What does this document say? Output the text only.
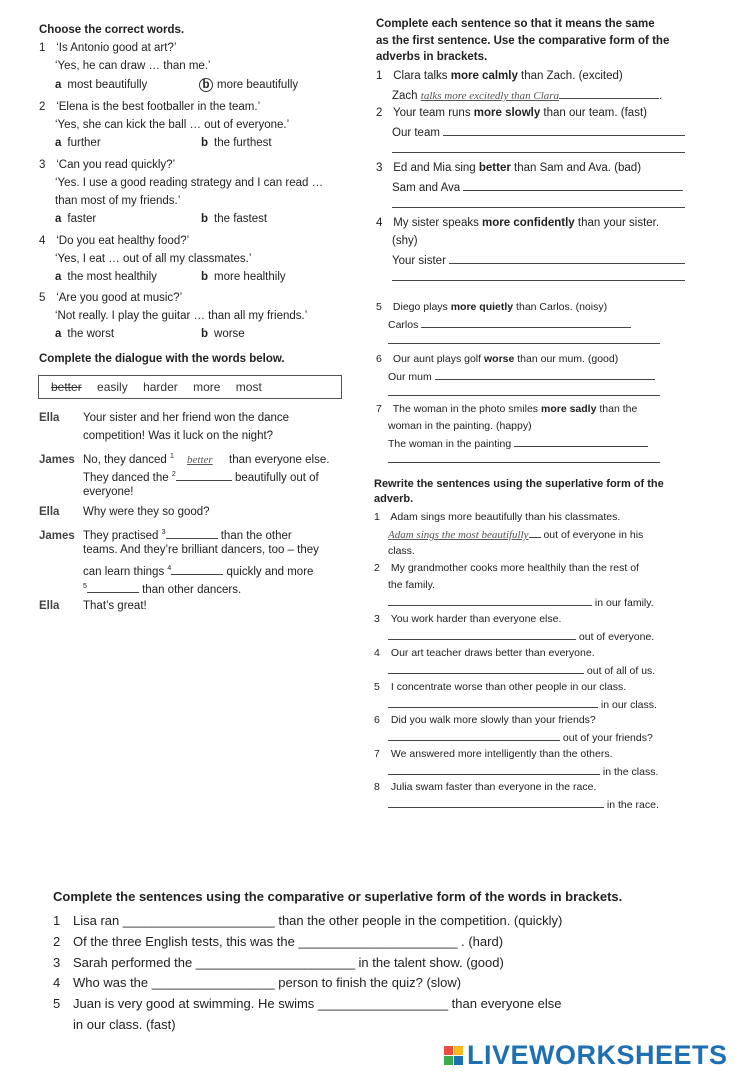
Choose the correct words.
1 ‘Is Antonio good at art?’
‘Yes, he can draw … than me.’
a most beautifully	b more beautifully
2 ‘Elena is the best footballer in the team.’
‘Yes, she can kick the ball … out of everyone.’
a further	b the furthest
3 ‘Can you read quickly?’
‘Yes. I use a good reading strategy and I can read …
than most of my friends.’
a faster	b the fastest
4 ‘Do you eat healthy food?’
‘Yes, I eat … out of all my classmates.’
a the most healthily	b more healthily
5 ‘Are you good at music?’
‘Not really. I play the guitar … than all my friends.’
a the worst	b worse
Complete the dialogue with the words below.
better easily harder more most
Ella Your sister and her friend won the dance
competition! Was it luck on the night?
James No, they danced $^1$ better than everyone else.
They danced the $^2$	beautifully out of
everyone!
Ella Why were they so good?
James They practised $^3$	than the other
teams. And they’re brilliant dancers, too – they
can learn things $^4$	quickly and more
$^5$	than other dancers.
Ella That’s great!
Complete each sentence so that it means the same
as the first sentence. Use the comparative form of the
adverbs in brackets.
1 Clara talks more calmly than Zach. (excited)
Zach talks more excitedly than Clara	.
2 Your team runs more slowly than our team. (fast)
Our team
3 Ed and Mia sing better than Sam and Ava. (bad)
Sam and Ava
4 My sister speaks more confidently than your sister.
(shy)
Your sister
5 Diego plays more quietly than Carlos. (noisy)
Carlos
6 Our aunt plays golf worse than our mum. (good)
Our mum
7 The woman in the photo smiles more sadly than the
woman in the painting. (happy)
The woman in the painting
Rewrite the sentences using the superlative form of the
adverb.
1 Adam sings more beautifully than his classmates.
Adam sings the most beautifully out of everyone in his
class.
2 My grandmother cooks more healthily than the rest of
the family.
in our family.
3 You work harder than everyone else.
out of everyone.
4 Our art teacher draws better than everyone.
out of all of us.
5 I concentrate worse than other people in our class.
in our class.
6 Did you walk more slowly than your friends?
out of your friends?
7 We answered more intelligently than the others.
in the class.
8 Julia swam faster than everyone in the race.
in the race.
Complete the sentences using the comparative or superlative form of the words in brackets.
1 Lisa ran _____________________ than the other people in the competition. (quickly)
2 Of the three English tests, this was the ______________________ . (hard)
3 Sarah performed the ______________________ in the talent show. (good)
4 Who was the _________________ person to finish the quiz? (slow)
5 Juan is very good at swimming. He swims __________________ than everyone else
in our class. (fast)
LIVEWORKSHEETS
